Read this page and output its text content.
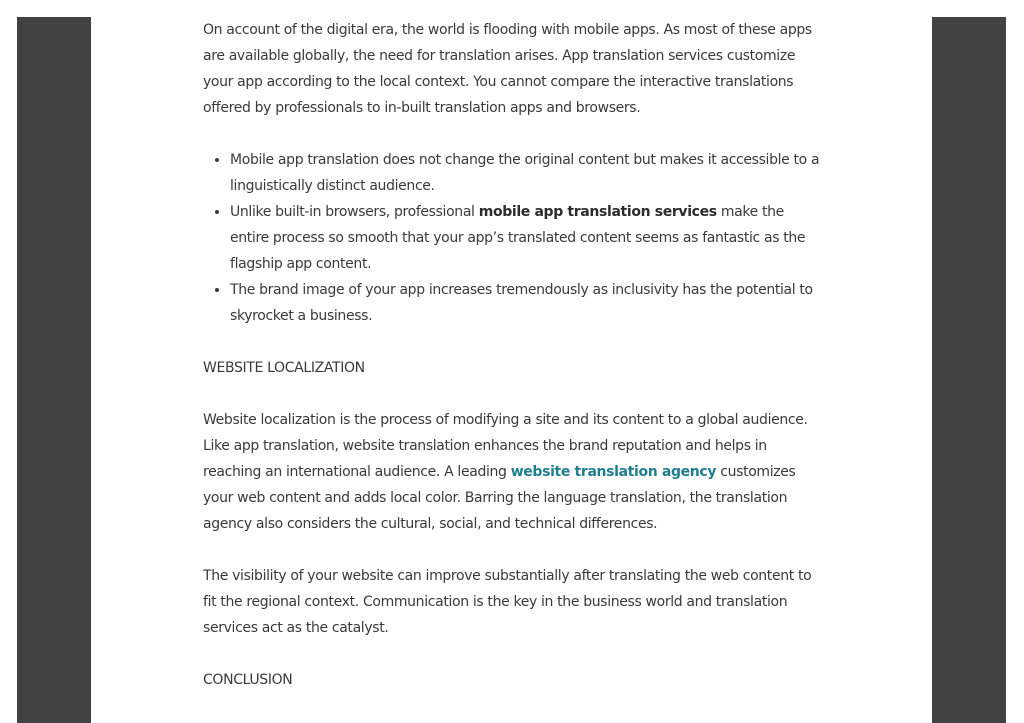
On account of the digital era, the world is flooding with mobile apps. As most of these apps are available globally, the need for translation arises. App translation services customize your app according to the local context. You cannot compare the interactive translations offered by professionals to in-built translation apps and browsers.

• Mobile app translation does not change the original content but makes it accessible to a linguistically distinct audience.
• Unlike built-in browsers, professional mobile app translation services make the entire process so smooth that your app’s translated content seems as fantastic as the flagship app content.
• The brand image of your app increases tremendously as inclusivity has the potential to skyrocket a business.
WEBSITE LOCALIZATION

Website localization is the process of modifying a site and its content to a global audience. Like app translation, website translation enhances the brand reputation and helps in reaching an international audience. A leading website translation agency customizes your web content and adds local color. Barring the language translation, the translation agency also considers the cultural, social, and technical differences.

The visibility of your website can improve substantially after translating the web content to fit the regional context. Communication is the key in the business world and translation services act as the catalyst.

CONCLUSION
